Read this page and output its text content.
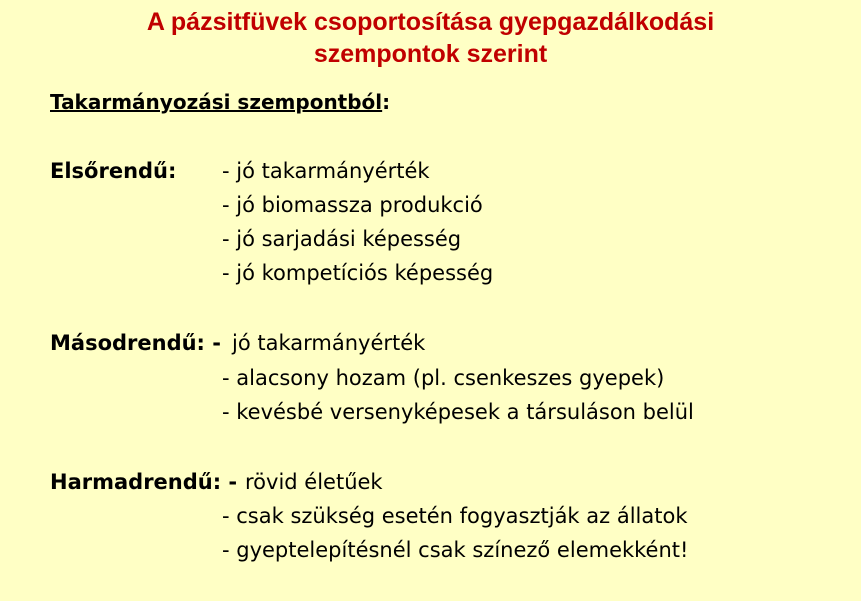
A pázsitfüvek csoportosítása gyepgazdálkodási
szempontok szerint
Takarmányozási szempontból:
Elsőrendű: - jó takarmányérték
- jó biomassza produkció
- jó sarjadási képesség
- jó kompetíciós képesség
Másodrendű: - jó takarmányérték
- alacsony hozam (pl. csenkeszes gyepek)
- kevésbé versenyképesek a társuláson belül
Harmadrendű: - rövid életűek
- csak szükség esetén fogyasztják az állatok
- gyeptelepítésnél csak színező elemekként!
